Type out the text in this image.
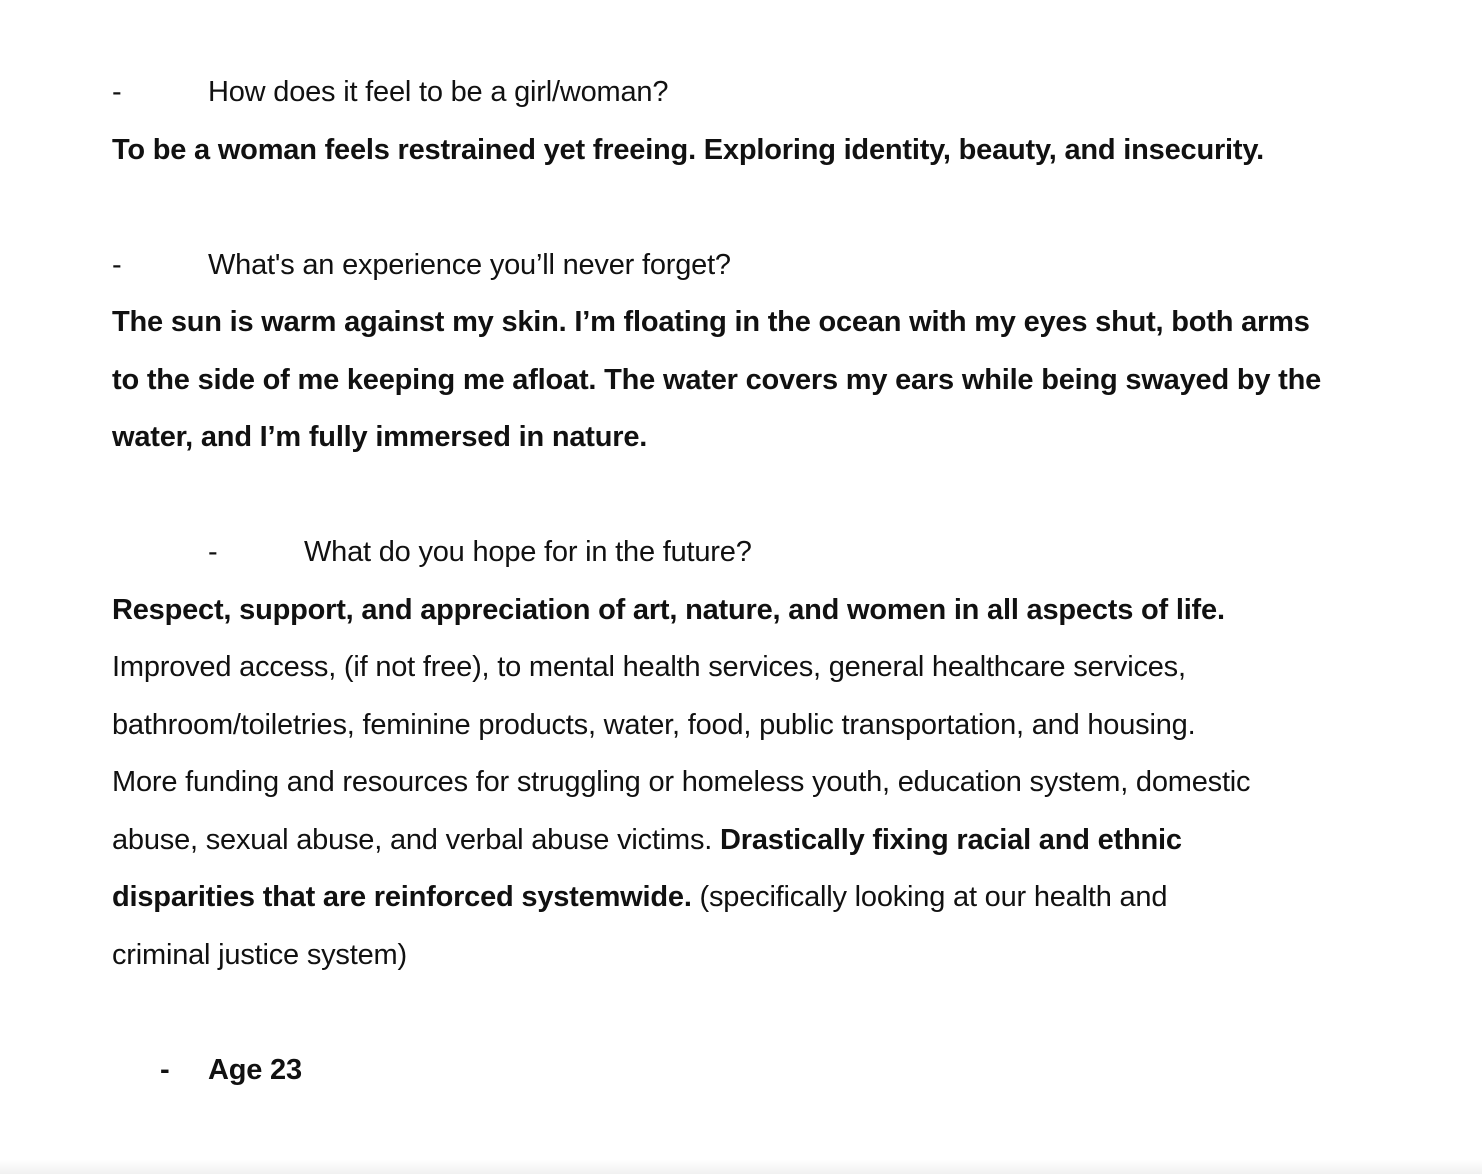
-	How does it feel to be a girl/woman?
To be a woman feels restrained yet freeing. Exploring identity, beauty, and insecurity.
-	What's an experience you’ll never forget?
The sun is warm against my skin. I’m floating in the ocean with my eyes shut, both arms
to the side of me keeping me afloat. The water covers my ears while being swayed by the
water, and I’m fully immersed in nature.
-	What do you hope for in the future?
Respect, support, and appreciation of art, nature, and women in all aspects of life.
Improved access, (if not free), to mental health services, general healthcare services,
bathroom/toiletries, feminine products, water, food, public transportation, and housing.
More funding and resources for struggling or homeless youth, education system, domestic
abuse, sexual abuse, and verbal abuse victims. Drastically fixing racial and ethnic
disparities that are reinforced systemwide. (specifically looking at our health and
criminal justice system)
- Age 23
